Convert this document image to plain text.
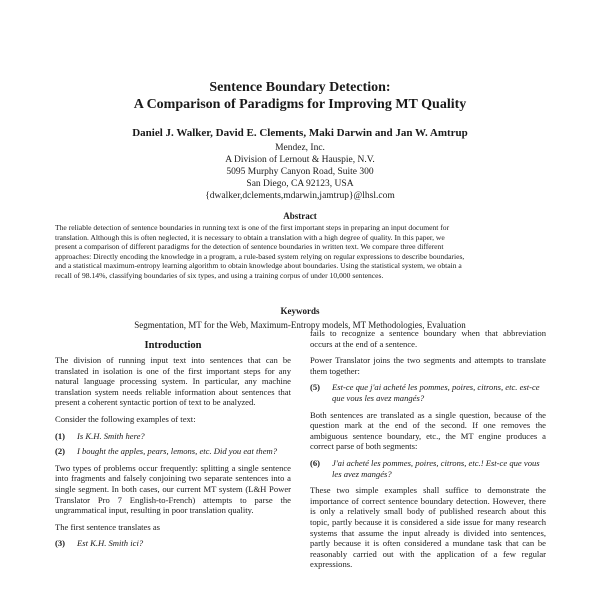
Sentence Boundary Detection:
A Comparison of Paradigms for Improving MT Quality
Daniel J. Walker, David E. Clements, Maki Darwin and Jan W. Amtrup
Mendez, Inc.
A Division of Lernout & Hauspie, N.V.
5095 Murphy Canyon Road, Suite 300
San Diego, CA 92123, USA
{dwalker,dclements,mdarwin,jamtrup}@lhsl.com
Abstract
The reliable detection of sentence boundaries in running text is one of the first important steps in preparing an input document for
translation. Although this is often neglected, it is necessary to obtain a translation with a high degree of quality. In this paper, we
present a comparison of different paradigms for the detection of sentence boundaries in written text. We compare three different
approaches: Directly encoding the knowledge in a program, a rule-based system relying on regular expressions to describe boundaries,
and a statistical maximum-entropy learning algorithm to obtain knowledge about boundaries. Using the statistical system, we obtain a
recall of 98.14%, classifying boundaries of six types, and using a training corpus of under 10,000 sentences.
Keywords
Segmentation, MT for the Web, Maximum-Entropy models, MT Methodologies, Evaluation
Introduction

The division of running input text into sentences that can be translated in isolation is one of the first important steps for any natural language processing system. In particular, any machine translation system needs reliable information about sentences that present a coherent syntactic portion of text to be analyzed.

Consider the following examples of text:

(1)	Is K.H. Smith here?
(2)	I bought the apples, pears, lemons, etc. Did you eat them?

Two types of problems occur frequently: splitting a single sentence into fragments and falsely conjoining two separate sentences into a single segment. In both cases, our current MT system (L&H Power Translator Pro 7 English-to-French) attempts to parse the ungrammatical input, resulting in poor translation quality.

The first sentence translates as

(3)	Est K.H. Smith ici?

fails to recognize a sentence boundary when that abbreviation occurs at the end of a sentence.

Power Translator joins the two segments and attempts to translate them together:

(5)	Est-ce que j'ai acheté les pommes, poires, citrons, etc. est-ce que vous les avez mangés?

Both sentences are translated as a single question, because of the question mark at the end of the second. If one removes the ambiguous sentence boundary, etc., the MT engine produces a correct parse of both segments:

(6)	J'ai acheté les pommes, poires, citrons, etc.! Est-ce que vous les avez mangés?

These two simple examples shall suffice to demonstrate the importance of correct sentence boundary detection. However, there is only a relatively small body of published research about this topic, partly because it is considered a side issue for many research systems that assume the input already is divided into sentences, partly because it is often considered a mundane task that can be reasonably carried out with the application of a few regular expressions.
